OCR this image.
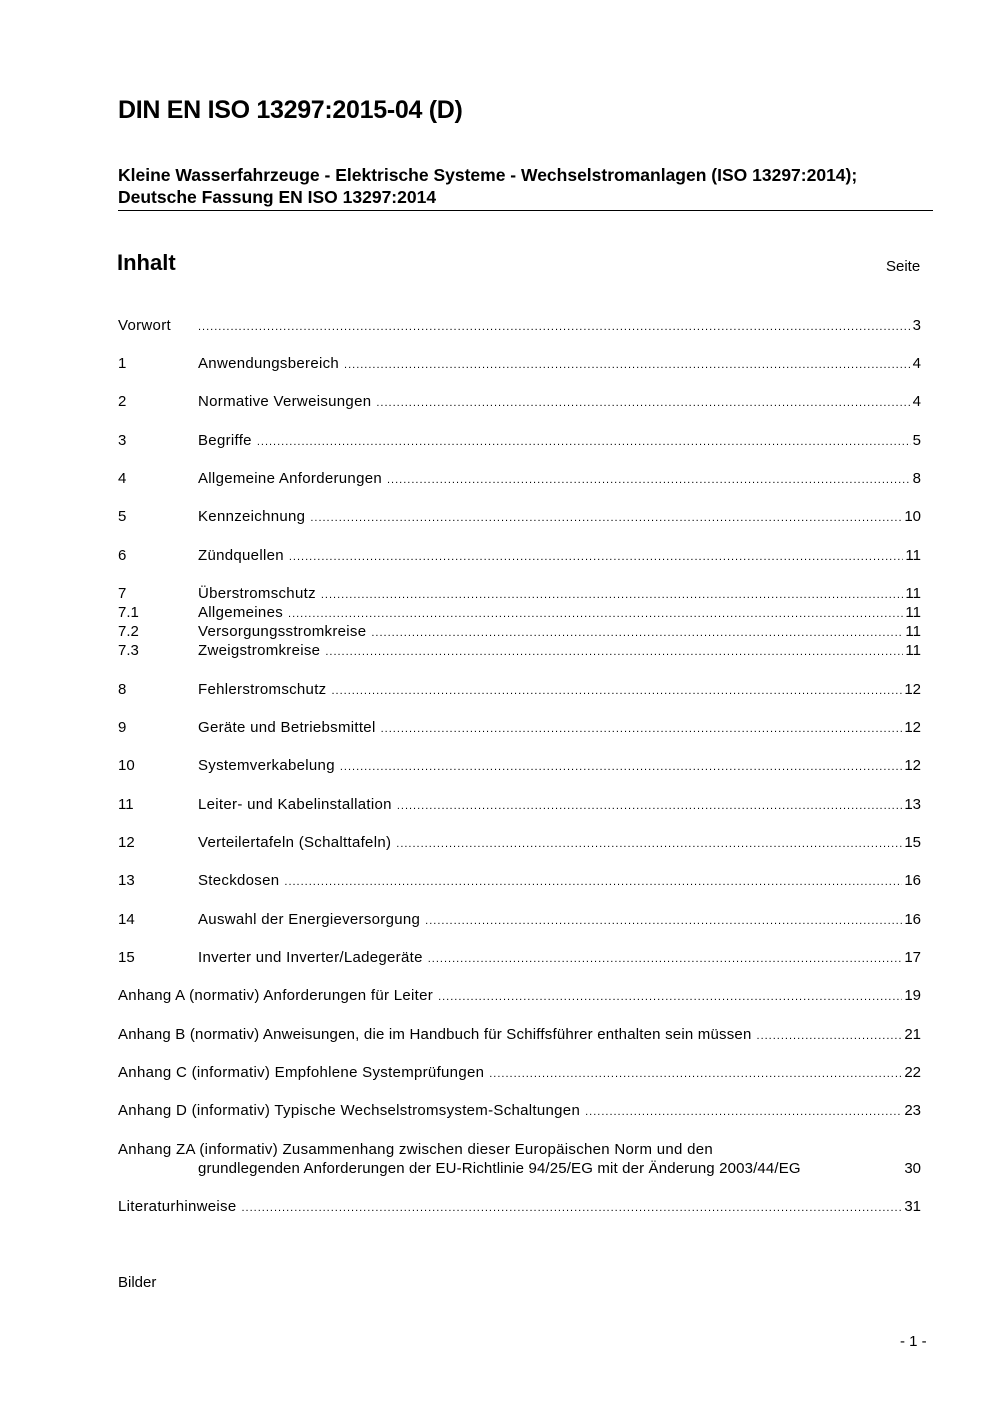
DIN EN ISO 13297:2015-04 (D)
Kleine Wasserfahrzeuge - Elektrische Systeme - Wechselstromanlagen (ISO 13297:2014); Deutsche Fassung EN ISO 13297:2014
Inhalt	Seite
Vorwort .....	3
1	Anwendungsbereich .....	4
2	Normative Verweisungen .....	4
3	Begriffe .....	5
4	Allgemeine Anforderungen .....	8
5	Kennzeichnung .....	10
6	Zündquellen .....	11
7	Überstromschutz .....	11
7.1	Allgemeines .....	11
7.2	Versorgungsstromkreise .....	11
7.3	Zweigstromkreise .....	11
8	Fehlerstromschutz .....	12
9	Geräte und Betriebsmittel .....	12
10	Systemverkabelung .....	12
11	Leiter- und Kabelinstallation .....	13
12	Verteilertafeln (Schalttafeln) .....	15
13	Steckdosen .....	16
14	Auswahl der Energieversorgung .....	16
15	Inverter und Inverter/Ladegeräte .....	17
Anhang A (normativ) Anforderungen für Leiter .....	19
Anhang B (normativ) Anweisungen, die im Handbuch für Schiffsführer enthalten sein müssen .....	21
Anhang C (informativ) Empfohlene Systemprüfungen .....	22
Anhang D (informativ) Typische Wechselstromsystem-Schaltungen .....	23
Anhang ZA (informativ) Zusammenhang zwischen dieser Europäischen Norm und den
grundlegenden Anforderungen der EU-Richtlinie 94/25/EG mit der Änderung 2003/44/EG	30
Literaturhinweise .....	31
Bilder
- 1 -
